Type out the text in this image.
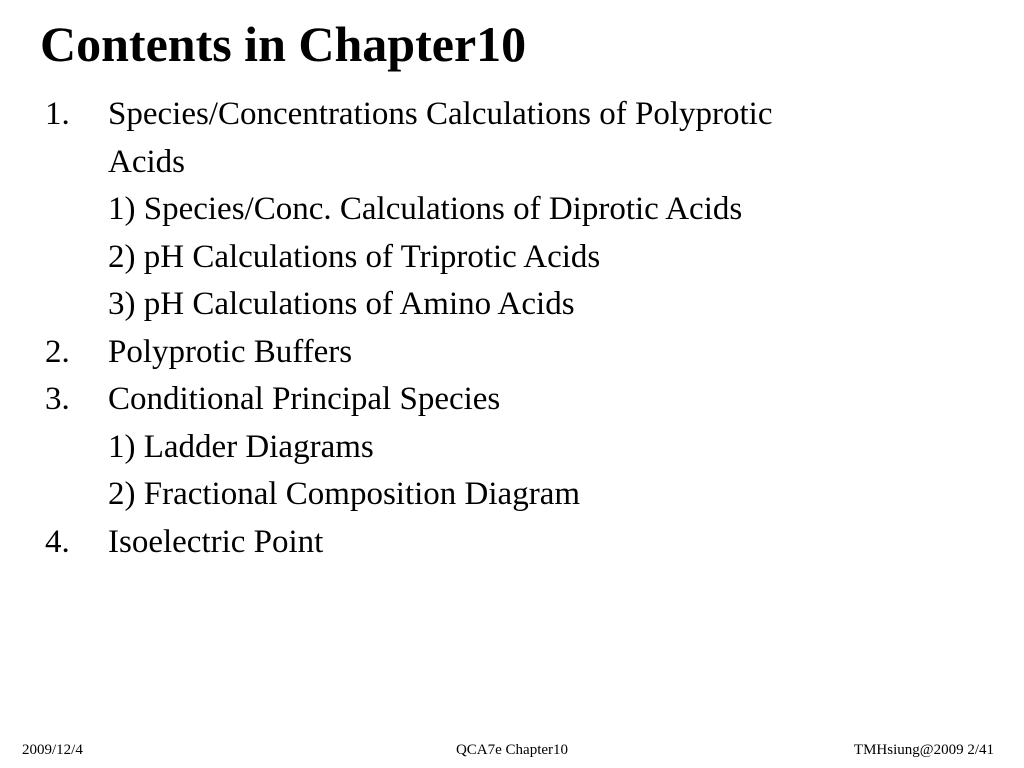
Contents in Chapter10
1. Species/Concentrations Calculations of Polyprotic
Acids
1) Species/Conc. Calculations of Diprotic Acids
2) pH Calculations of Triprotic Acids
3) pH Calculations of Amino Acids
2. Polyprotic Buffers
3. Conditional Principal Species
1) Ladder Diagrams
2) Fractional Composition Diagram
4. Isoelectric Point
2009/12/4	QCA7e Chapter10	TMHsiung@2009 2/41
